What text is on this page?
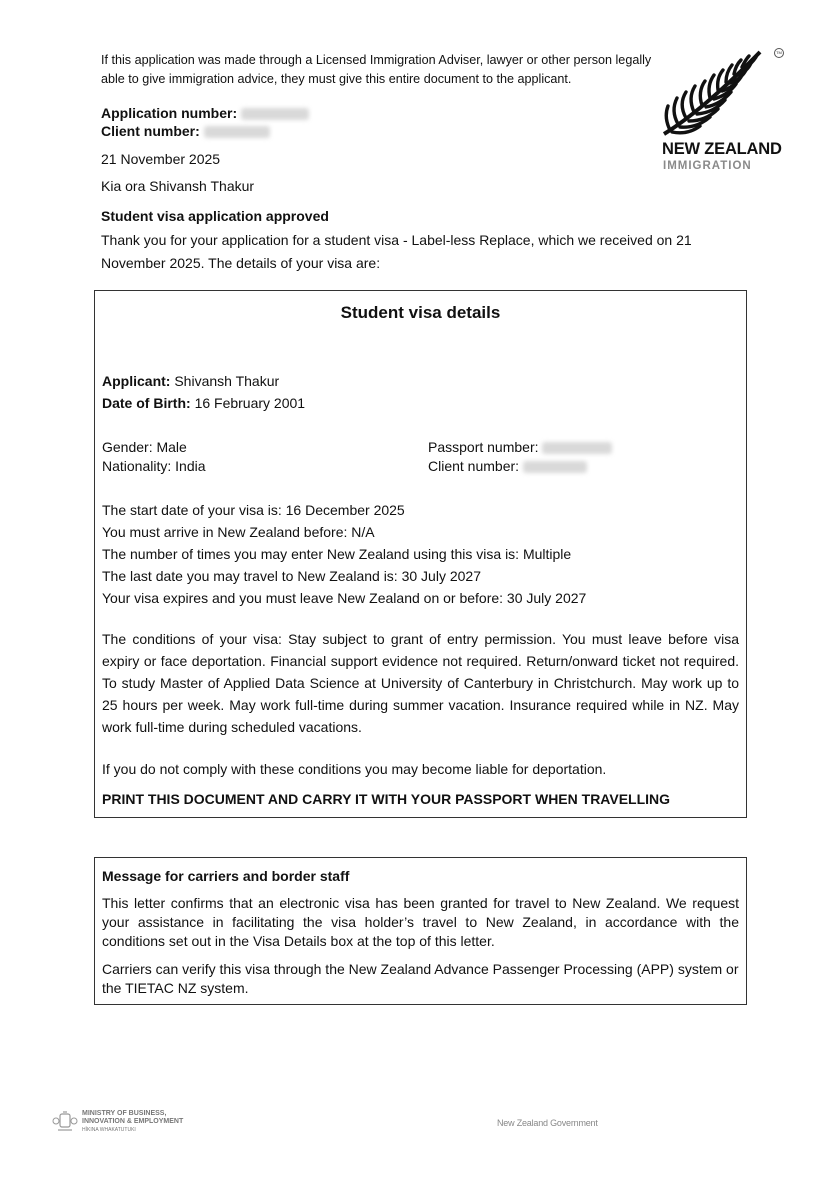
If this application was made through a Licensed Immigration Adviser, lawyer or other person legally able to give immigration advice, they must give this entire document to the applicant.
Application number:
Client number:
21 November 2025
Kia ora Shivansh Thakur
Student visa application approved
Thank you for your application for a student visa - Label-less Replace, which we received on 21 November 2025. The details of your visa are:
TM
NEW ZEALAND
IMMIGRATION
Student visa details
Applicant: Shivansh Thakur
Date of Birth: 16 February 2001
Gender: Male
Nationality: India
Passport number:
Client number:
The start date of your visa is: 16 December 2025
You must arrive in New Zealand before: N/A
The number of times you may enter New Zealand using this visa is: Multiple
The last date you may travel to New Zealand is: 30 July 2027
Your visa expires and you must leave New Zealand on or before: 30 July 2027
The conditions of your visa: Stay subject to grant of entry permission. You must leave before visa expiry or face deportation. Financial support evidence not required. Return/onward ticket not required. To study Master of Applied Data Science at University of Canterbury in Christchurch. May work up to 25 hours per week. May work full-time during summer vacation. Insurance required while in NZ. May work full-time during scheduled vacations.
If you do not comply with these conditions you may become liable for deportation.
PRINT THIS DOCUMENT AND CARRY IT WITH YOUR PASSPORT WHEN TRAVELLING
Message for carriers and border staff
This letter confirms that an electronic visa has been granted for travel to New Zealand. We request your assistance in facilitating the visa holder’s travel to New Zealand, in accordance with the conditions set out in the Visa Details box at the top of this letter.
Carriers can verify this visa through the New Zealand Advance Passenger Processing (APP) system or the TIETAC NZ system.
MINISTRY OF BUSINESS,
INNOVATION & EMPLOYMENT
HĪKINA WHAKATUTUKI
New Zealand Government
